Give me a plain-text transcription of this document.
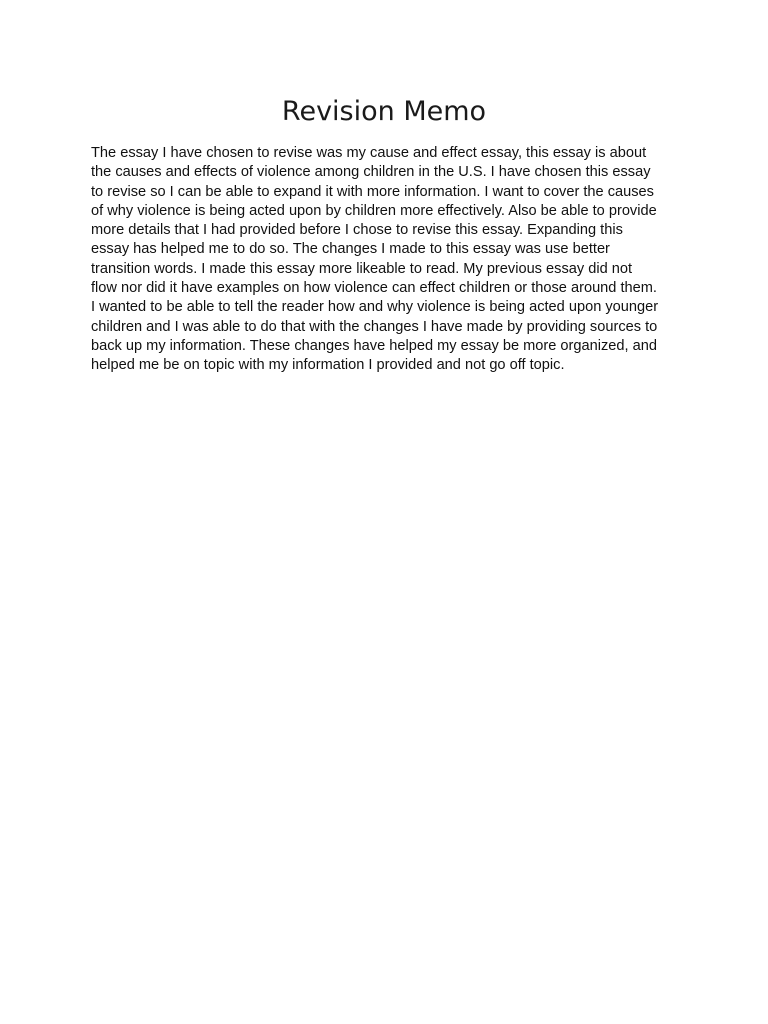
Revision Memo
The essay I have chosen to revise was my cause and effect essay, this essay is about
the causes and effects of violence among children in the U.S. I have chosen this essay
to revise so I can be able to expand it with more information. I want to cover the causes
of why violence is being acted upon by children more effectively. Also be able to provide
more details that I had provided before I chose to revise this essay. Expanding this
essay has helped me to do so. The changes I made to this essay was use better
transition words. I made this essay more likeable to read. My previous essay did not
flow nor did it have examples on how violence can effect children or those around them.
I wanted to be able to tell the reader how and why violence is being acted upon younger
children and I was able to do that with the changes I have made by providing sources to
back up my information. These changes have helped my essay be more organized, and
helped me be on topic with my information I provided and not go off topic.
